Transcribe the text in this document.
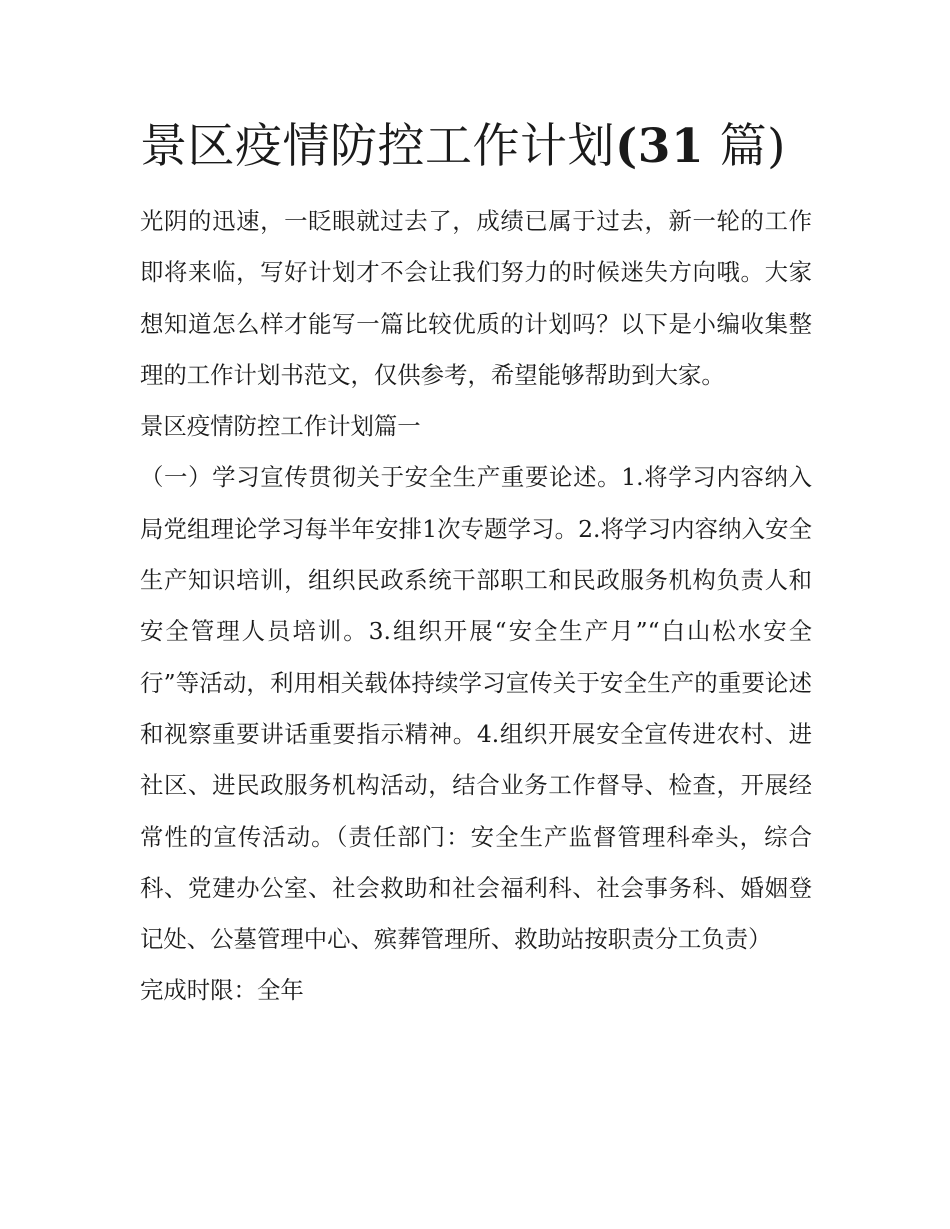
景区疫情防控工作计划(31 篇)

光阴的迅速，一眨眼就过去了，成绩已属于过去，新一轮的工作即将来临，写好计划才不会让我们努力的时候迷失方向哦。大家想知道怎么样才能写一篇比较优质的计划吗？以下是小编收集整理的工作计划书范文，仅供参考，希望能够帮助到大家。

景区疫情防控工作计划篇一

（一）学习宣传贯彻关于安全生产重要论述。1.将学习内容纳入局党组理论学习每半年安排1次专题学习。2.将学习内容纳入安全生产知识培训，组织民政系统干部职工和民政服务机构负责人和安全管理人员培训。3.组织开展“安全生产月”“白山松水安全行”等活动，利用相关载体持续学习宣传关于安全生产的重要论述和视察重要讲话重要指示精神。4.组织开展安全宣传进农村、进社区、进民政服务机构活动，结合业务工作督导、检查，开展经常性的宣传活动。（责任部门：安全生产监督管理科牵头，综合科、党建办公室、社会救助和社会福利科、社会事务科、婚姻登记处、公墓管理中心、殡葬管理所、救助站按职责分工负责）

完成时限：全年
